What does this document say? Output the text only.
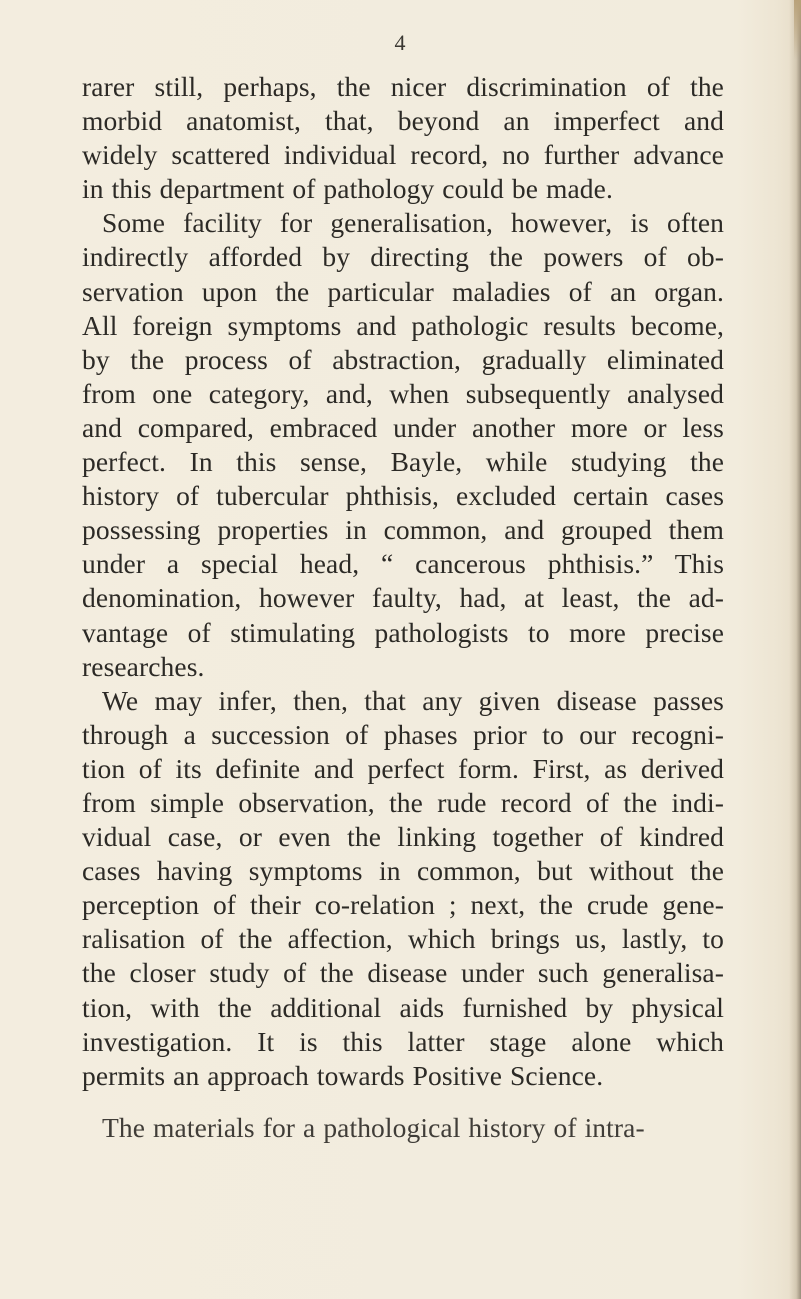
4
rarer still, perhaps, the nicer discrimination of the
morbid anatomist, that, beyond an imperfect and
widely scattered individual record, no further advance
in this department of pathology could be made.
Some facility for generalisation, however, is often
indirectly afforded by directing the powers of ob-
servation upon the particular maladies of an organ.
All foreign symptoms and pathologic results become,
by the process of abstraction, gradually eliminated
from one category, and, when subsequently analysed
and compared, embraced under another more or less
perfect. In this sense, Bayle, while studying the
history of tubercular phthisis, excluded certain cases
possessing properties in common, and grouped them
under a special head, “ cancerous phthisis.” This
denomination, however faulty, had, at least, the ad-
vantage of stimulating pathologists to more precise
researches.
We may infer, then, that any given disease passes
through a succession of phases prior to our recogni-
tion of its definite and perfect form. First, as derived
from simple observation, the rude record of the indi-
vidual case, or even the linking together of kindred
cases having symptoms in common, but without the
perception of their co-relation ; next, the crude gene-
ralisation of the affection, which brings us, lastly, to
the closer study of the disease under such generalisa-
tion, with the additional aids furnished by physical
investigation. It is this latter stage alone which
permits an approach towards Positive Science.
The materials for a pathological history of intra-
